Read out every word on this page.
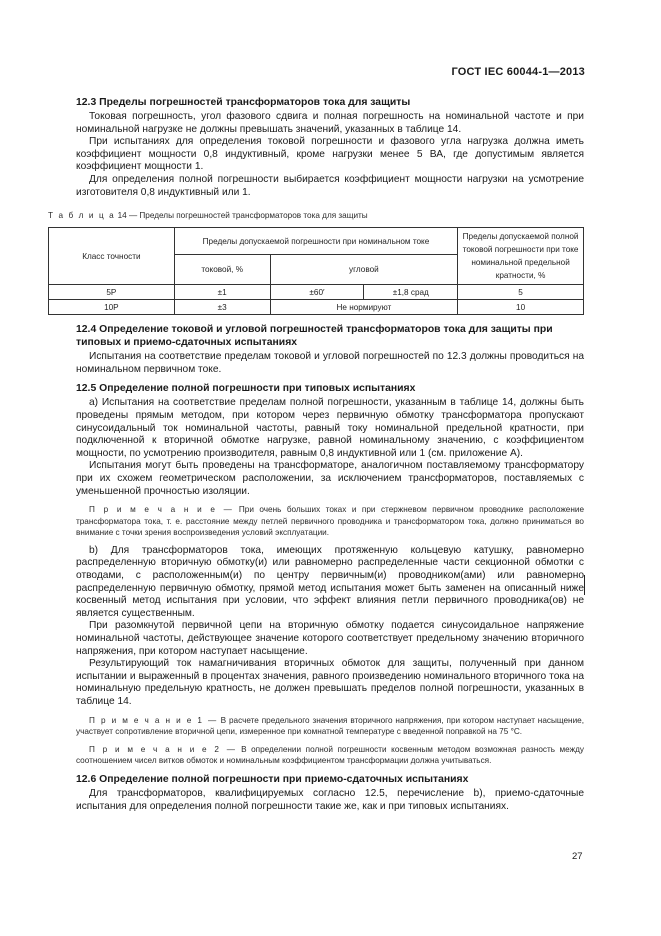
ГОСТ IEC 60044-1—2013

12.3 Пределы погрешностей трансформаторов тока для защиты

Токовая погрешность, угол фазового сдвига и полная погрешность на номинальной частоте и при номинальной нагрузке не должны превышать значений, указанных в таблице 14.

При испытаниях для определения токовой погрешности и фазового угла нагрузка должна иметь коэффициент мощности 0,8 индуктивный, кроме нагрузки менее 5 ВА, где допустимым является коэффициент мощности 1.

Для определения полной погрешности выбирается коэффициент мощности нагрузки на усмотрение изготовителя 0,8 индуктивный или 1.

Т а б л и ц а 14 — Пределы погрешностей трансформаторов тока для защиты

Класс точности	Пределы допускаемой погрешности при номинальном токе			Пределы допускаемой полной токовой погрешности при токе номинальной предельной кратности, %
	токовой, %	угловой		
5P	±1	±60′	±1,8 срад	5
10P	±3	Не нормируют		10

12.4 Определение токовой и угловой погрешностей трансформаторов тока для защиты при типовых и приемо-сдаточных испытаниях

Испытания на соответствие пределам токовой и угловой погрешностей по 12.3 должны проводиться на номинальном первичном токе.

12.5 Определение полной погрешности при типовых испытаниях

а) Испытания на соответствие пределам полной погрешности, указанным в таблице 14, должны быть проведены прямым методом, при котором через первичную обмотку трансформатора пропускают синусоидальный ток номинальной частоты, равный току номинальной предельной кратности, при подключенной к вторичной обмотке нагрузке, равной номинальному значению, с коэффициентом мощности, по усмотрению производителя, равным 0,8 индуктивной или 1 (см. приложение А).

Испытания могут быть проведены на трансформаторе, аналогичном поставляемому трансформатору при их схожем геометрическом расположении, за исключением трансформаторов, поставляемых с уменьшенной прочностью изоляции.

П р и м е ч а н и е — При очень больших токах и при стержневом первичном проводнике расположение трансформатора тока, т. е. расстояние между петлей первичного проводника и трансформатором тока, должно приниматься во внимание с точки зрения воспроизведения условий эксплуатации.

b) Для трансформаторов тока, имеющих протяженную кольцевую катушку, равномерно распределенную вторичную обмотку(и) или равномерно распределенные части секционной обмотки с отводами, с расположенным(и) по центру первичным(и) проводником(ами) или равномерно распределенную первичную обмотку, прямой метод испытания может быть заменен на описанный ниже косвенный метод испытания при условии, что эффект влияния петли первичного проводника(ов) не является существенным.

При разомкнутой первичной цепи на вторичную обмотку подается синусоидальное напряжение номинальной частоты, действующее значение которого соответствует предельному значению вторичного напряжения, при котором наступает насыщение.

Результирующий ток намагничивания вторичных обмоток для защиты, полученный при данном испытании и выраженный в процентах значения, равного произведению номинального вторичного тока на номинальную предельную кратность, не должен превышать пределов полной погрешности, указанных в таблице 14.

П р и м е ч а н и е 1 — В расчете предельного значения вторичного напряжения, при котором наступает насыщение, участвует сопротивление вторичной цепи, измеренное при комнатной температуре с введенной поправкой на 75 °С.

П р и м е ч а н и е 2 — В определении полной погрешности косвенным методом возможная разность между соотношением чисел витков обмоток и номинальным коэффициентом трансформации должна учитываться.

12.6 Определение полной погрешности при приемо-сдаточных испытаниях

Для трансформаторов, квалифицируемых согласно 12.5, перечисление b), приемо-сдаточные испытания для определения полной погрешности такие же, как и при типовых испытаниях.

27
